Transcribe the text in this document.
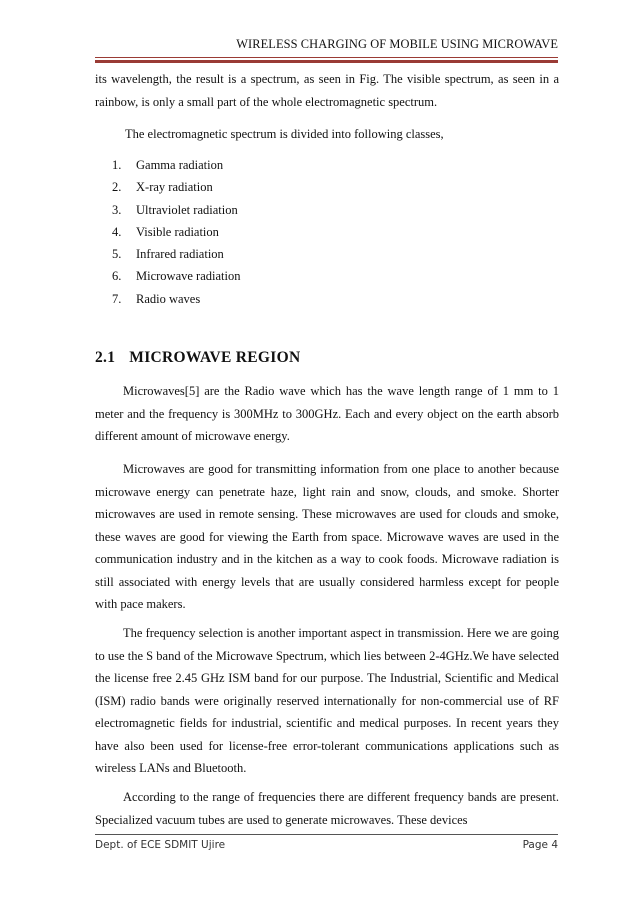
WIRELESS CHARGING OF MOBILE USING MICROWAVE

its wavelength, the result is a spectrum, as seen in Fig. The visible spectrum, as seen in a rainbow, is only a small part of the whole electromagnetic spectrum.

The electromagnetic spectrum is divided into following classes,
1.	Gamma radiation
2.	X-ray radiation
3.	Ultraviolet radiation
4.	Visible radiation
5.	Infrared radiation
6.	Microwave radiation
7.	Radio waves
2.1 MICROWAVE REGION

Microwaves[5] are the Radio wave which has the wave length range of 1 mm to 1 meter and the frequency is 300MHz to 300GHz. Each and every object on the earth absorb different amount of microwave energy.

Microwaves are good for transmitting information from one place to another because microwave energy can penetrate haze, light rain and snow, clouds, and smoke. Shorter microwaves are used in remote sensing. These microwaves are used for clouds and smoke, these waves are good for viewing the Earth from space. Microwave waves are used in the communication industry and in the kitchen as a way to cook foods. Microwave radiation is still associated with energy levels that are usually considered harmless except for people with pace makers.

The frequency selection is another important aspect in transmission. Here we are going to use the S band of the Microwave Spectrum, which lies between 2-4GHz.We have selected the license free 2.45 GHz ISM band for our purpose. The Industrial, Scientific and Medical (ISM) radio bands were originally reserved internationally for non-commercial use of RF electromagnetic fields for industrial, scientific and medical purposes. In recent years they have also been used for license-free error-tolerant communications applications such as wireless LANs and Bluetooth.

According to the range of frequencies there are different frequency bands are present. Specialized vacuum tubes are used to generate microwaves. These devices

Dept. of ECE SDMIT Ujire	Page 4
